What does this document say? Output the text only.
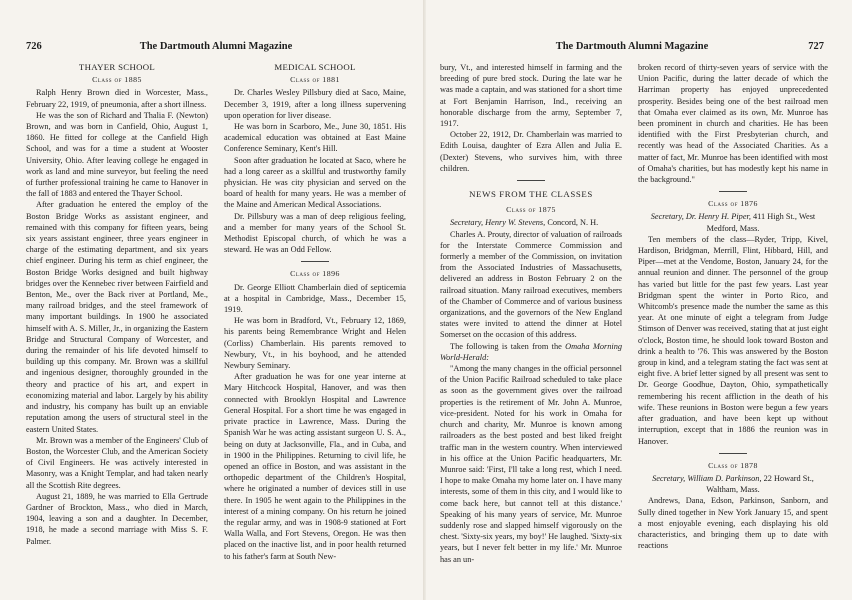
726	The Dartmouth Alumni Magazine
THAYER SCHOOL
Class of 1885

Ralph Henry Brown died in Worcester, Mass., February 22, 1919, of pneumonia, after a short illness.

He was the son of Richard and Thalia F. (Newton) Brown, and was born in Canfield, Ohio, August 1, 1860. He fitted for college at the Canfield High School, and was for a time a student at Wooster University, Ohio. After leaving college he engaged in work as land and mine surveyor, but feeling the need of further professional training he came to Hanover in the fall of 1883 and entered the Thayer School.

After graduation he entered the employ of the Boston Bridge Works as assistant engineer, and remained with this company for fifteen years, being six years assistant engineer, three years engineer in charge of the estimating department, and six years chief engineer. During his term as chief engineer, the Boston Bridge Works designed and built highway bridges over the Kennebec river between Fairfield and Benton, Me., over the Back river at Portland, Me., many railroad bridges, and the steel framework of many important buildings. In 1900 he associated himself with A. S. Miller, Jr., in organizing the Eastern Bridge and Structural Company of Worcester, and during the remainder of his life devoted himself to building up this company. Mr. Brown was a skillful and ingenious designer, thoroughly grounded in the theory and practice of his art, and expert in economizing material and labor. Largely by his ability and industry, his company has built up an enviable reputation among the users of structural steel in the eastern United States.

Mr. Brown was a member of the Engineers' Club of Boston, the Worcester Club, and the American Society of Civil Engineers. He was actively interested in Masonry, was a Knight Templar, and had taken nearly all the Scottish Rite degrees.

August 21, 1889, he was married to Ella Gertrude Gardner of Brockton, Mass., who died in March, 1904, leaving a son and a daughter. In December, 1918, he made a second marriage with Miss S. F. Palmer.

MEDICAL SCHOOL
Class of 1881

Dr. Charles Wesley Pillsbury died at Saco, Maine, December 3, 1919, after a long illness supervening upon operation for liver disease.

He was born in Scarboro, Me., June 30, 1851. His academical education was obtained at East Maine Conference Seminary, Kent's Hill.

Soon after graduation he located at Saco, where he had a long career as a skillful and trustworthy family physician. He was city physician and served on the board of health for many years. He was a member of the Maine and American Medical Associations.

Dr. Pillsbury was a man of deep religious feeling, and a member for many years of the School St. Methodist Episcopal church, of which he was a steward. He was an Odd Fellow.

Class of 1896

Dr. George Elliott Chamberlain died of septicemia at a hospital in Cambridge, Mass., December 15, 1919.

He was born in Bradford, Vt., February 12, 1869, his parents being Remembrance Wright and Helen (Corliss) Chamberlain. His parents removed to Newbury, Vt., in his boyhood, and he attended Newbury Seminary.

After graduation he was for one year interne at Mary Hitchcock Hospital, Hanover, and was then connected with Brooklyn Hospital and Lawrence General Hospital. For a short time he was engaged in private practice in Lawrence, Mass. During the Spanish War he was acting assistant surgeon U. S. A., being on duty at Jacksonville, Fla., and in Cuba, and in 1900 in the Philippines. Returning to civil life, he opened an office in Boston, and was assistant in the orthopedic department of the Children's Hospital, where he originated a number of devices still in use there. In 1905 he went again to the Philippines in the interest of a mining company. On his return he joined the regular army, and was in 1908-9 stationed at Fort Walla Walla, and Fort Stevens, Oregon. He was then placed on the inactive list, and in poor health returned to his father's farm at South New-

The Dartmouth Alumni Magazine	727

bury, Vt., and interested himself in farming and the breeding of pure bred stock. During the late war he was made a captain, and was stationed for a short time at Fort Benjamin Harrison, Ind., receiving an honorable discharge from the army, September 7, 1917.

October 22, 1912, Dr. Chamberlain was married to Edith Louisa, daughter of Ezra Allen and Julia E. (Dexter) Stevens, who survives him, with three children.

NEWS FROM THE CLASSES
Class of 1875

Secretary, Henry W. Stevens, Concord, N. H.

Charles A. Prouty, director of valuation of railroads for the Interstate Commerce Commission and formerly a member of the Commission, on invitation from the Associated Industries of Massachusetts, delivered an address in Boston February 2 on the railroad situation. Many railroad executives, members of the Chamber of Commerce and of various business organizations, and the governors of the New England states were invited to attend the dinner at Hotel Somerset on the occasion of this address.

The following is taken from the Omaha Morning World-Herald:

"Among the many changes in the official personnel of the Union Pacific Railroad scheduled to take place as soon as the government gives over the railroad properties is the retirement of Mr. John A. Munroe, vice-president. Noted for his work in Omaha for church and charity, Mr. Munroe is known among railroaders as the best posted and best liked freight traffic man in the western country. When interviewed in his office at the Union Pacific headquarters, Mr. Munroe said: 'First, I'll take a long rest, which I need. I hope to make Omaha my home later on. I have many interests, some of them in this city, and I would like to come back here, but cannot tell at this distance.' Speaking of his many years of service, Mr. Munroe suddenly rose and slapped himself vigorously on the chest. 'Sixty-six years, my boy!' He laughed. 'Sixty-six years, but I never felt better in my life.' Mr. Munroe has an un-

broken record of thirty-seven years of service with the Union Pacific, during the latter decade of which the Harriman property has enjoyed unprecedented prosperity. Besides being one of the best railroad men that Omaha ever claimed as its own, Mr. Munroe has been prominent in church and charities. He has been identified with the First Presbyterian church, and recently was head of the Associated Charities. As a matter of fact, Mr. Munroe has been identified with most of Omaha's charities, but has modestly kept his name in the background."

Class of 1876

Secretary, Dr. Henry H. Piper, 411 High St., West Medford, Mass.

Ten members of the class—Ryder, Tripp, Kivel, Hardison, Bridgman, Merrill, Flint, Hibbard, Hill, and Piper—met at the Vendome, Boston, January 24, for the annual reunion and dinner. The personnel of the group has varied but little for the past few years. Last year Bridgman spent the winter in Porto Rico, and Whitcomb's presence made the number the same as this year. At one minute of eight a telegram from Judge Stimson of Denver was received, stating that at just eight o'clock, Boston time, he should look toward Boston and drink a health to '76. This was answered by the Boston group in kind, and a telegram stating the fact was sent at eight five. A brief letter signed by all present was sent to Dr. George Goodhue, Dayton, Ohio, sympathetically remembering his recent affliction in the death of his wife. These reunions in Boston were begun a few years after graduation, and have been kept up without interruption, except that in 1886 the reunion was in Hanover.

Class of 1878

Secretary, William D. Parkinson, 22 Howard St., Waltham, Mass.

Andrews, Dana, Edson, Parkinson, Sanborn, and Sully dined together in New York January 15, and spent a most enjoyable evening, each displaying his old characteristics, and bringing them up to date with reactions
